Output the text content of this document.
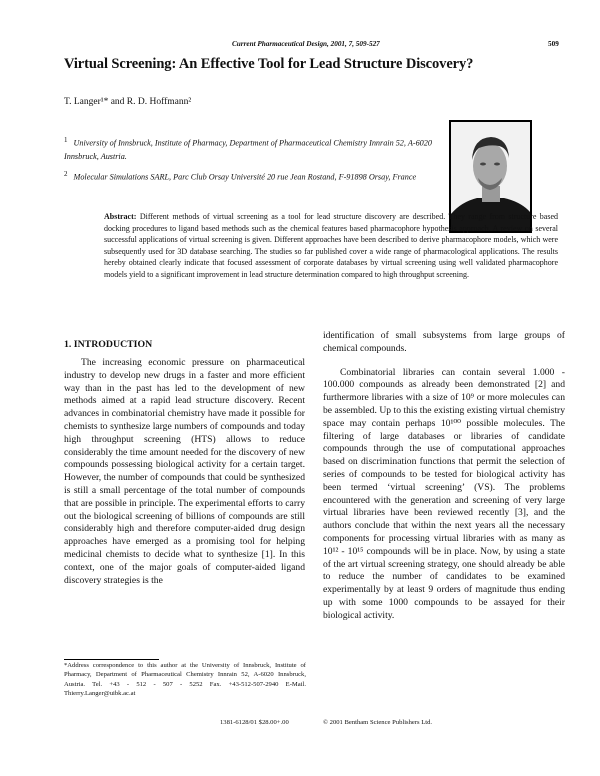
Current Pharmaceutical Design, 2001, 7, 509-527	509
Virtual Screening: An Effective Tool for Lead Structure Discovery?
T. Langer¹* and R. D. Hoffmann²
$^1$ University of Innsbruck, Institute of Pharmacy, Department of Pharmaceutical Chemistry Innrain 52, A-6020 Innsbruck, Austria.
$^2$ Molecular Simulations SARL, Parc Club Orsay Université 20 rue Jean Rostand, F-91898 Orsay, France
Abstract: Different methods of virtual screening as a tool for lead structure discovery are described. They range from structure based docking procedures to ligand based methods such as the chemical features based pharmacophore hypothesis approach. A review on several successful applications of virtual screening is given. Different approaches have been described to derive pharmacophore models, which were subsequently used for 3D database searching. The studies so far published cover a wide range of pharmacological applications. The results hereby obtained clearly indicate that focused assessment of corporate databases by virtual screening using well validated pharmacophore models yield to a significant improvement in lead structure determination compared to high throughput screening.
1. INTRODUCTION

The increasing economic pressure on pharmaceutical industry to develop new drugs in a faster and more efficient way than in the past has led to the development of new methods aimed at a rapid lead structure discovery. Recent advances in combinatorial chemistry have made it possible for chemists to synthesize large numbers of compounds and today high throughput screening (HTS) allows to reduce considerably the time amount needed for the discovery of new compounds possessing biological activity for a certain target. However, the number of compounds that could be synthesized is still a small percentage of the total number of compounds that are possible in principle. The experimental efforts to carry out the biological screening of billions of compounds are still considerably high and therefore computer-aided drug design approaches have emerged as a promising tool for helping medicinal chemists to decide what to synthesize [1]. In this context, one of the major goals of computer-aided ligand discovery strategies is the

identification of small subsystems from large groups of chemical compounds.

Combinatorial libraries can contain several 1.000 - 100.000 compounds as already been demonstrated [2] and furthermore libraries with a size of 10⁹ or more molecules can be assembled. Up to this the existing existing virtual chemistry space may contain perhaps 10¹⁰⁰ possible molecules. The filtering of large databases or libraries of candidate compounds through the use of computational approaches based on discrimination functions that permit the selection of series of compounds to be tested for biological activity has been termed ‘virtual screening’ (VS). The problems encountered with the generation and screening of very large virtual libraries have been reviewed recently [3], and the authors conclude that within the next years all the necessary components for processing virtual libraries with as many as 10¹² - 10¹⁵ compounds will be in place. Now, by using a state of the art virtual screening strategy, one should already be able to reduce the number of candidates to be examined experimentally by at least 9 orders of magnitude thus ending up with some 1000 compounds to be assayed for their biological activity.

*Address correspondence to this author at the University of Innsbruck, Institute of Pharmacy, Department of Pharmaceutical Chemistry Innrain 52, A-6020 Innsbruck, Austria. Tel. +43 - 512 - 507 - 5252 Fax. +43-512-507-2940 E-Mail. Thierry.Langer@uibk.ac.at
1381-6128/01 $28.00+.00	© 2001 Bentham Science Publishers Ltd.
